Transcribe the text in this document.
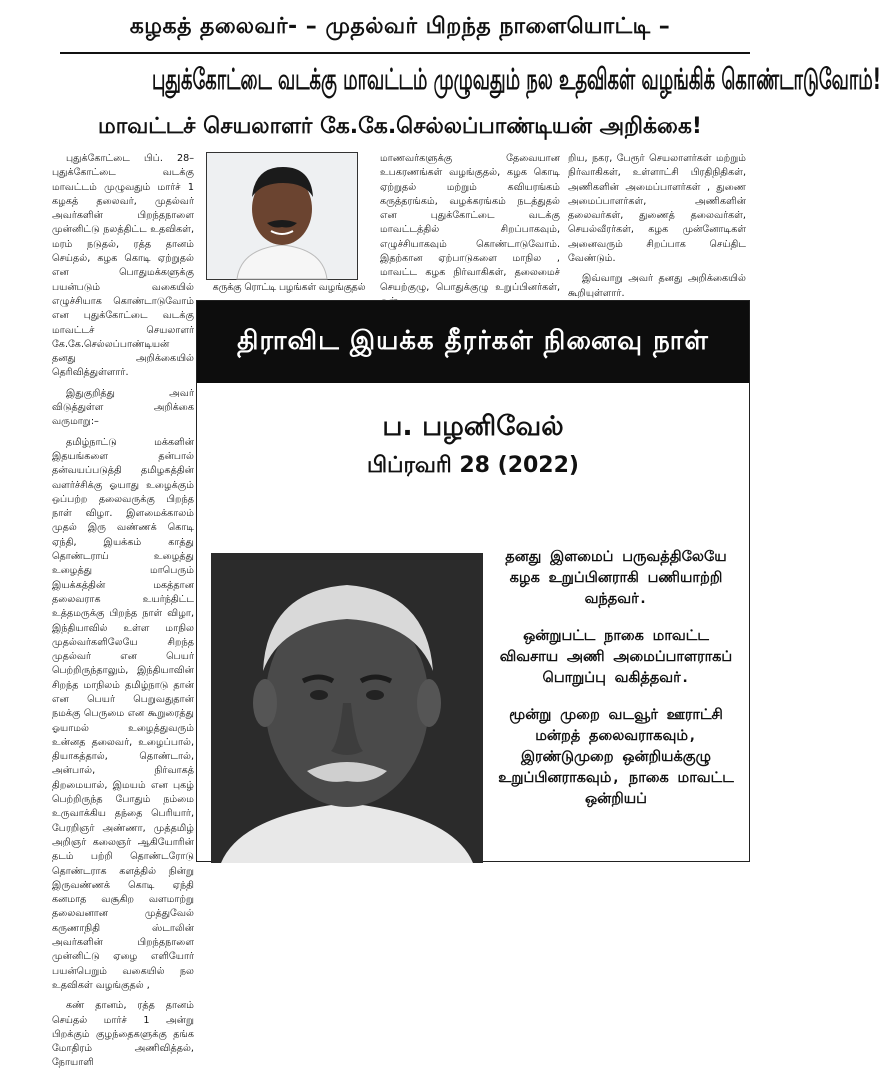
கழகத் தலைவர்- – முதல்வர் பிறந்த நாளையொட்டி –
புதுக்கோட்டை வடக்கு மாவட்டம் முழுவதும் நல உதவிகள் வழங்கிக் கொண்டாடுவோம்!
மாவட்டச் செயலாளர் கே.கே.செல்லப்பாண்டியன் அறிக்கை!

புதுக்கோட்டை பிப். 28– புதுக்கோட்டை வடக்கு மாவட்டம் முழுவதும் மார்ச் 1 கழகத் தலைவர், முதல்வர் அவர்களின் பிறந்தநாளை முன்னிட்டு நலத்திட்ட உதவிகள், மரம் நடுதல், ரத்த தானம் செய்தல், கழக கொடி ஏற்றுதல் என பொதுமக்களுக்கு பயன்படும் வகையில் எழுச்சியாக கொண்டாடுவோம் என புதுக்கோட்டை வடக்கு மாவட்டச் செயலாளர் கே.கே.செல்லப்பாண்டியன் தனது அறிக்கையில் தெரிவித்துள்ளார்.

இதுகுறித்து அவர் விடுத்துள்ள அறிக்கை வருமாறு:–

தமிழ்நாட்டு மக்களின் இதயங்களை தன்பால் தன்வயப்படுத்தி தமிழகத்தின் வளர்ச்சிக்கு ஓயாது உழைக்கும் ஒப்பற்ற தலைவருக்கு பிறந்த நாள் விழா. இளமைக்காலம் முதல் இரு வண்ணக் கொடி ஏந்தி, இயக்கம் காத்து தொண்டராய் உழைத்து உழைத்து மாபெரும் இயக்கத்தின் மகத்தான தலைவராக உயர்ந்திட்ட உத்தமருக்கு பிறந்த நாள் விழா, இந்தியாவில் உள்ள மாநில முதல்வர்களிலேயே சிறந்த முதல்வர் என பெயர் பெற்றிருந்தாலும், இந்தியாவின் சிறந்த மாநிலம் தமிழ்நாடு தான் என பெயர் பெறுவதுதான் நமக்கு பெருமை என கூறுரைத்து ஓயாமல் உழைத்துவரும் உன்னத தலைவர், உழைப்பால், தியாகத்தால், தொண்டால், அன்பால், நிர்வாகத் திறமையால், இமயம் என புகழ் பெற்றிருந்த போதும் நம்மை உருவாக்கிய தந்தை பெரியார், பேரறிஞர் அண்ணா, முத்தமிழ் அறிஞர் கலைஞர் ஆகியோரின் தடம் பற்றி தொண்டரோடு தொண்டராக களத்தில் நின்று இருவண்ணக் கொடி ஏந்தி கனமாத வசூகிற வளமாற்று தலைவனான முத்துவேல் கருணாநிதி ஸ்டாலின் அவர்களின் பிறந்தநாளை முன்னிட்டு ஏழை எளியோர் பயன்பெறும் வகையில் நல உதவிகள் வழங்குதல் ,

கண் தானம், ரத்த தானம் செய்தல் மார்ச் 1 அன்று பிறக்கும் குழந்தைகளுக்கு தங்க மோதிரம் அணிவித்தல், நோயாளி

கருக்கு ரொட்டி பழங்கள் வழங்குதல்

மாணவர்களுக்கு தேவையான உபகரணங்கள் வழங்குதல், கழக கொடி ஏற்றுதல் மற்றும் கவியரங்கம் கருத்தரங்கம், வழக்கரங்கம் நடத்துதல் என புதுக்கோட்டை வடக்கு மாவட்டத்தில் சிறப்பாகவும், எழுச்சியாகவும் கொண்டாடுவோம். இதற்கான ஏற்பாடுகளை மாநில , மாவட்ட கழக நிர்வாகிகள், தலைமைச் செயற்குழு, பொதுக்குழு உறுப்பினர்கள்,

றிய, நகர, பேரூர் செயலாளர்கள் மற்றும் நிர்வாகிகள், உள்ளாட்சி பிரதிநிதிகள், அணிகளின் அமைப்பாளர்கள் , துணை அமைப்பாளர்கள், அணிகளின் தலைவர்கள், துணைத் தலைவர்கள், செயல்வீரர்கள், கழக முன்னோடிகள் அனைவரும் சிறப்பாக செய்திட வேண்டும்.

இவ்வாறு அவர் தனது அறிக்கையில் கூறியுள்ளார்.

திராவிட இயக்க தீரர்கள் நினைவு நாள்
ப. பழனிவேல்
பிப்ரவரி 28 (2022)

தனது இளமைப் பருவத்திலேயே கழக உறுப்பினராகி பணியாற்றி வந்தவர்.

ஒன்றுபட்ட நாகை மாவட்ட விவசாய அணி அமைப்பாளராகப் பொறுப்பு வகித்தவர்.

மூன்று முறை வடவூர் ஊராட்சி மன்றத் தலைவராகவும், இரண்டுமுறை ஒன்றியக்குழு உறுப்பினராகவும், நாகை மாவட்ட ஒன்றியப்
